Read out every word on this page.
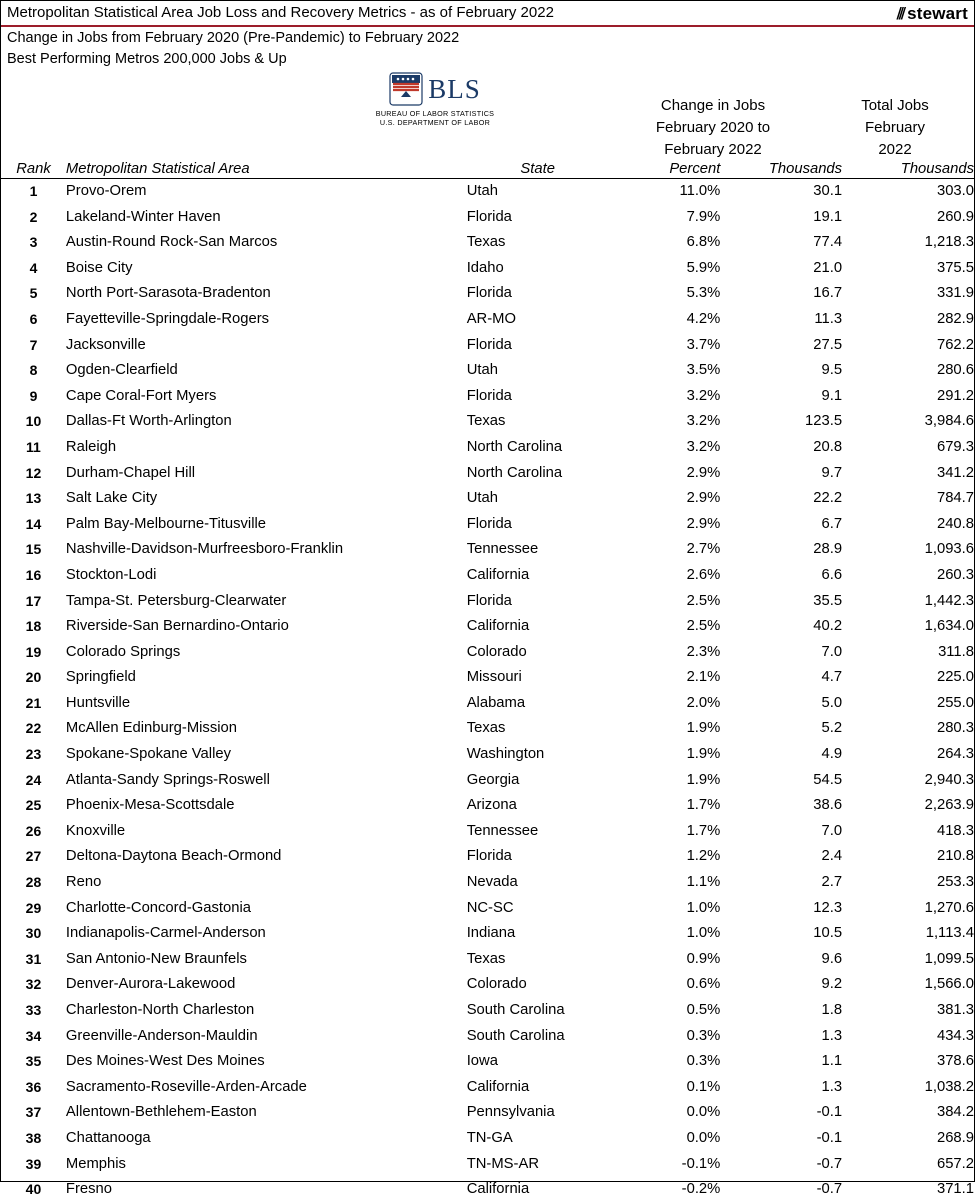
Metropolitan Statistical Area Job Loss and Recovery Metrics - as of February 2022	/// stewart
Change in Jobs from February 2020 (Pre-Pandemic) to February 2022
Best Performing Metros 200,000 Jobs & Up
BLS
BUREAU OF LABOR STATISTICS
U.S. DEPARTMENT OF LABOR
Change in Jobs
February 2020 to
February 2022
Total Jobs
February
2022
Rank	Metropolitan Statistical Area	State	Percent	Thousands	Thousands
1	Provo-Orem	Utah	11.0%	30.1	303.0
2	Lakeland-Winter Haven	Florida	7.9%	19.1	260.9
3	Austin-Round Rock-San Marcos	Texas	6.8%	77.4	1,218.3
4	Boise City	Idaho	5.9%	21.0	375.5
5	North Port-Sarasota-Bradenton	Florida	5.3%	16.7	331.9
6	Fayetteville-Springdale-Rogers	AR-MO	4.2%	11.3	282.9
7	Jacksonville	Florida	3.7%	27.5	762.2
8	Ogden-Clearfield	Utah	3.5%	9.5	280.6
9	Cape Coral-Fort Myers	Florida	3.2%	9.1	291.2
10	Dallas-Ft Worth-Arlington	Texas	3.2%	123.5	3,984.6
11	Raleigh	North Carolina	3.2%	20.8	679.3
12	Durham-Chapel Hill	North Carolina	2.9%	9.7	341.2
13	Salt Lake City	Utah	2.9%	22.2	784.7
14	Palm Bay-Melbourne-Titusville	Florida	2.9%	6.7	240.8
15	Nashville-Davidson-Murfreesboro-Franklin	Tennessee	2.7%	28.9	1,093.6
16	Stockton-Lodi	California	2.6%	6.6	260.3
17	Tampa-St. Petersburg-Clearwater	Florida	2.5%	35.5	1,442.3
18	Riverside-San Bernardino-Ontario	California	2.5%	40.2	1,634.0
19	Colorado Springs	Colorado	2.3%	7.0	311.8
20	Springfield	Missouri	2.1%	4.7	225.0
21	Huntsville	Alabama	2.0%	5.0	255.0
22	McAllen Edinburg-Mission	Texas	1.9%	5.2	280.3
23	Spokane-Spokane Valley	Washington	1.9%	4.9	264.3
24	Atlanta-Sandy Springs-Roswell	Georgia	1.9%	54.5	2,940.3
25	Phoenix-Mesa-Scottsdale	Arizona	1.7%	38.6	2,263.9
26	Knoxville	Tennessee	1.7%	7.0	418.3
27	Deltona-Daytona Beach-Ormond	Florida	1.2%	2.4	210.8
28	Reno	Nevada	1.1%	2.7	253.3
29	Charlotte-Concord-Gastonia	NC-SC	1.0%	12.3	1,270.6
30	Indianapolis-Carmel-Anderson	Indiana	1.0%	10.5	1,113.4
31	San Antonio-New Braunfels	Texas	0.9%	9.6	1,099.5
32	Denver-Aurora-Lakewood	Colorado	0.6%	9.2	1,566.0
33	Charleston-North Charleston	South Carolina	0.5%	1.8	381.3
34	Greenville-Anderson-Mauldin	South Carolina	0.3%	1.3	434.3
35	Des Moines-West Des Moines	Iowa	0.3%	1.1	378.6
36	Sacramento-Roseville-Arden-Arcade	California	0.1%	1.3	1,038.2
37	Allentown-Bethlehem-Easton	Pennsylvania	0.0%	-0.1	384.2
38	Chattanooga	TN-GA	0.0%	-0.1	268.9
39	Memphis	TN-MS-AR	-0.1%	-0.7	657.2
40	Fresno	California	-0.2%	-0.7	371.1
